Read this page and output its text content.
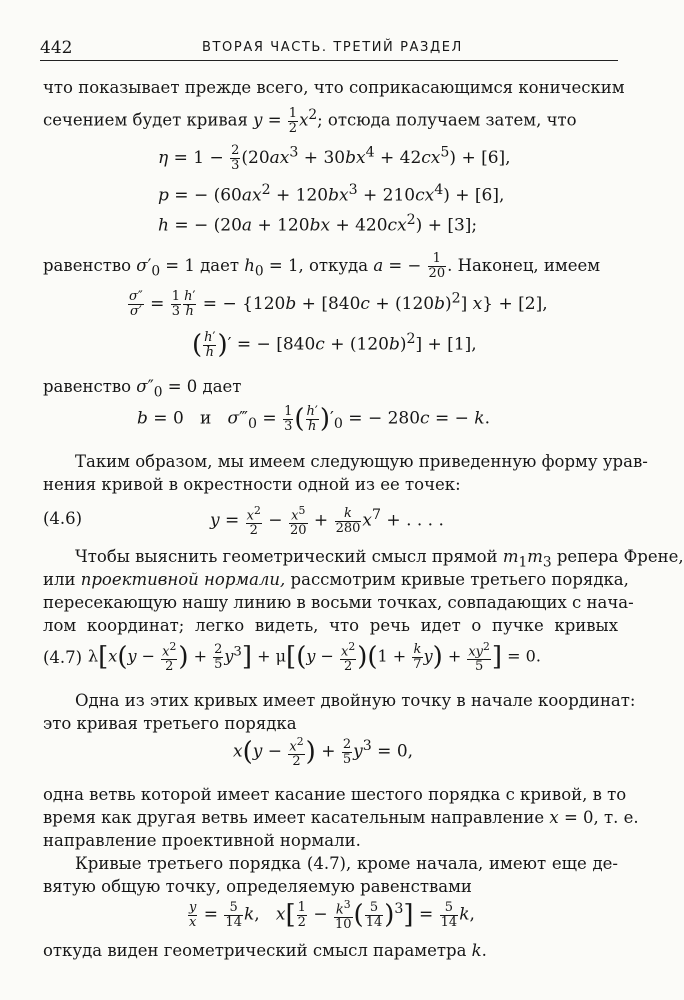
442	ВТОРАЯ ЧАСТЬ. ТРЕТИЙ РАЗДЕЛ
что показывает прежде всего, что соприкасающимся коническим
сечением будет кривая $y = \frac{1}{2} x^2$; отсюда получаем затем, что
$\eta = 1 - \frac{2}{3} (20ax^3 + 30bx^4 + 42cx^5) + [6]$,
p = − $(60ax^2 + 120bx^3 + 210cx^4) + [6]$,
h = − $(20a + 120bx + 420cx^2) + [3]$;
равенство $\sigma'_0 = 1$ дает $h_0 = 1$, откуда a = − $\frac{1}{20}$ . Наконец, имеем
$\frac{\sigma''}{\sigma'} = \frac{1}{3} \frac{h'}{h}$ = − {$120b + [840c + (120b)^2]$ x} + [2],
( $\frac{h'}{h}$ )′ = − $[840c + (120b)^2] + [1]$,
равенство $\sigma''_0 = 0$ дает
b = 0   и $\sigma‴_0 = \frac{1}{3}$ ( $\frac{h'}{h} )'_0$ = − 280c = − k.
Таким образом, мы имеем следующую приведенную форму урав-
нения кривой в окрестности одной из ее точек:
(4.6)	$y = \frac{x^2}{2} - \frac{x^5}{20} + \frac{k}{280} x^7$ + . . . .
Чтобы выяснить геометрический смысл прямой $m_1m_3$ репера Френе,
или проективной нормали, рассмотрим кривые третьего порядка,
пересекающую нашу линию в восьми точках, совпадающих с нача-
лом координат; легко видеть, что речь идет о пучке кривых
(4.7) $\lambda[x(y - \frac{x^2}{2}$ ) + $\frac{2}{5} y^3] + \mu[(y - \frac{x^2}{2} )(1 + \frac{k}{7} y) + \frac{xy^2}{5}$ ] = 0.
Одна из этих кривых имеет двойную точку в начале координат:
это кривая третьего порядка
$x(y - \frac{x^2}{2}$ ) + $\frac{2}{5} y^3 = 0$,
одна ветвь которой имеет касание шестого порядка с кривой, в то
время как другая ветвь имеет касательным направление x = 0, т. е.
направление проективной нормали.
Кривые третьего порядка (4.7), кроме начала, имеют еще де-
вятую общую точку, определяемую равенствами
$\frac{y}{x} = \frac{5}{14} k$,   $x[ \frac{1}{2} - \frac{k^3}{10}$ ( $\frac{5}{14} )^3] = \frac{5}{14} k$,
откуда виден геометрический смысл параметра k.
